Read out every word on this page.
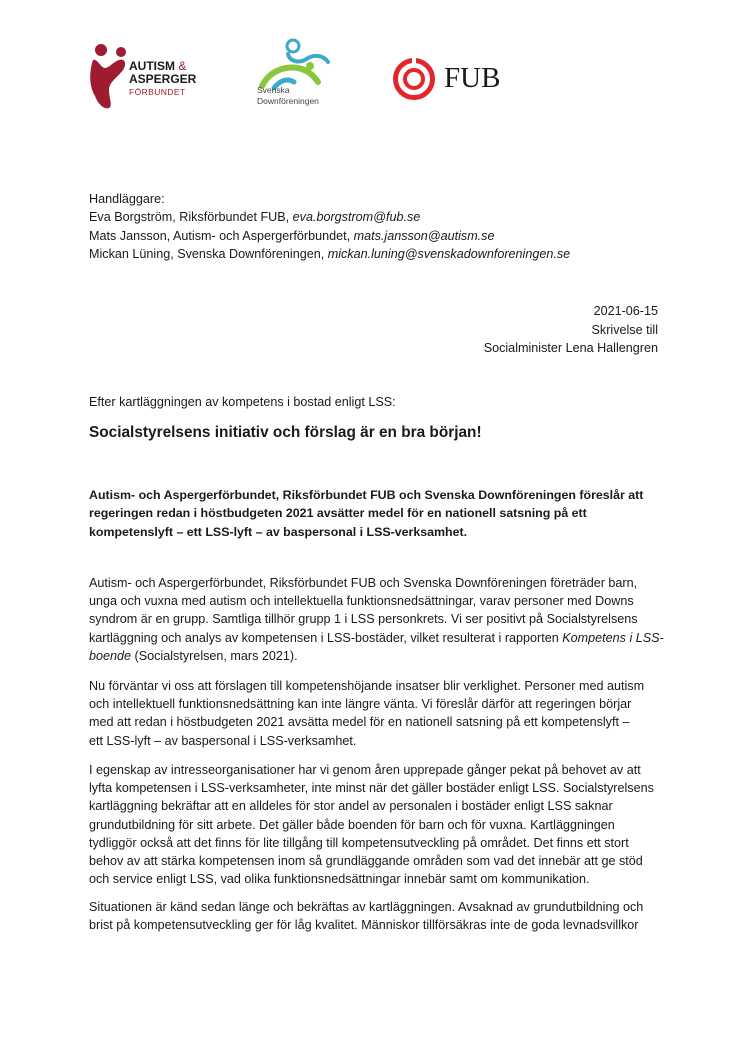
AUTISM &
ASPERGER
FÖRBUNDET	Svenska
Downföreningen
FUB
Handläggare:
Eva Borgström, Riksförbundet FUB, eva.borgstrom@fub.se
Mats Jansson, Autism- och Aspergerförbundet, mats.jansson@autism.se
Mickan Lüning, Svenska Downföreningen, mickan.luning@svenskadownforeningen.se
2021-06-15
Skrivelse till
Socialminister Lena Hallengren
Efter kartläggningen av kompetens i bostad enligt LSS:
Socialstyrelsens initiativ och förslag är en bra början!
Autism- och Aspergerförbundet, Riksförbundet FUB och Svenska Downföreningen föreslår att
regeringen redan i höstbudgeten 2021 avsätter medel för en nationell satsning på ett
kompetenslyft – ett LSS-lyft – av baspersonal i LSS-verksamhet.
Autism- och Aspergerförbundet, Riksförbundet FUB och Svenska Downföreningen företräder barn,
unga och vuxna med autism och intellektuella funktionsnedsättningar, varav personer med Downs
syndrom är en grupp. Samtliga tillhör grupp 1 i LSS personkrets. Vi ser positivt på Socialstyrelsens
kartläggning och analys av kompetensen i LSS-bostäder, vilket resulterat i rapporten Kompetens i LSS-
boende (Socialstyrelsen, mars 2021).
Nu förväntar vi oss att förslagen till kompetenshöjande insatser blir verklighet. Personer med autism
och intellektuell funktionsnedsättning kan inte längre vänta. Vi föreslår därför att regeringen börjar
med att redan i höstbudgeten 2021 avsätta medel för en nationell satsning på ett kompetenslyft –
ett LSS-lyft – av baspersonal i LSS-verksamhet.
I egenskap av intresseorganisationer har vi genom åren upprepade gånger pekat på behovet av att
lyfta kompetensen i LSS-verksamheter, inte minst när det gäller bostäder enligt LSS. Socialstyrelsens
kartläggning bekräftar att en alldeles för stor andel av personalen i bostäder enligt LSS saknar
grundutbildning för sitt arbete. Det gäller både boenden för barn och för vuxna. Kartläggningen
tydliggör också att det finns för lite tillgång till kompetensutveckling på området. Det finns ett stort
behov av att stärka kompetensen inom så grundläggande områden som vad det innebär att ge stöd
och service enligt LSS, vad olika funktionsnedsättningar innebär samt om kommunikation.
Situationen är känd sedan länge och bekräftas av kartläggningen. Avsaknad av grundutbildning och
brist på kompetensutveckling ger för låg kvalitet. Människor tillförsäkras inte de goda levnadsvillkor
